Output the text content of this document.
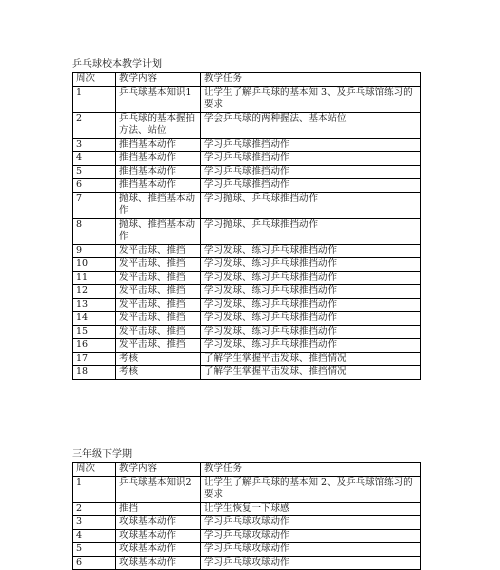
乒乓球校本教学计划
周次	教学内容	教学任务
1	乒乓球基本知识1	让学生了解乒乓球的基本知 3、及乒乓球馆练习的要求
2	乒乓球的基本握拍方法、站位	学会乒乓球的两种握法、基本站位
3	推挡基本动作	学习乒乓球推挡动作
4	推挡基本动作	学习乒乓球推挡动作
5	推挡基本动作	学习乒乓球推挡动作
6	推挡基本动作	学习乒乓球推挡动作
7	抛球、推挡基本动作	学习抛球、乒乓球推挡动作
8	抛球、推挡基本动作	学习抛球、乒乓球推挡动作
9	发平击球、推挡	学习发球、练习乒乓球推挡动作
10	发平击球、推挡	学习发球、练习乒乓球推挡动作
11	发平击球、推挡	学习发球、练习乒乓球推挡动作
12	发平击球、推挡	学习发球、练习乒乓球推挡动作
13	发平击球、推挡	学习发球、练习乒乓球推挡动作
14	发平击球、推挡	学习发球、练习乒乓球推挡动作
15	发平击球、推挡	学习发球、练习乒乓球推挡动作
16	发平击球、推挡	学习发球、练习乒乓球推挡动作
17	考核	了解学生掌握平击发球、推挡情况
18	考核	了解学生掌握平击发球、推挡情况
三年级下学期
周次	教学内容	教学任务
1	乒乓球基本知识2	让学生了解乒乓球的基本知 2、及乒乓球馆练习的要求
2	推挡	让学生恢复一下球感
3	攻球基本动作	学习乒乓球攻球动作
4	攻球基本动作	学习乒乓球攻球动作
5	攻球基本动作	学习乒乓球攻球动作
6	攻球基本动作	学习乒乓球攻球动作
